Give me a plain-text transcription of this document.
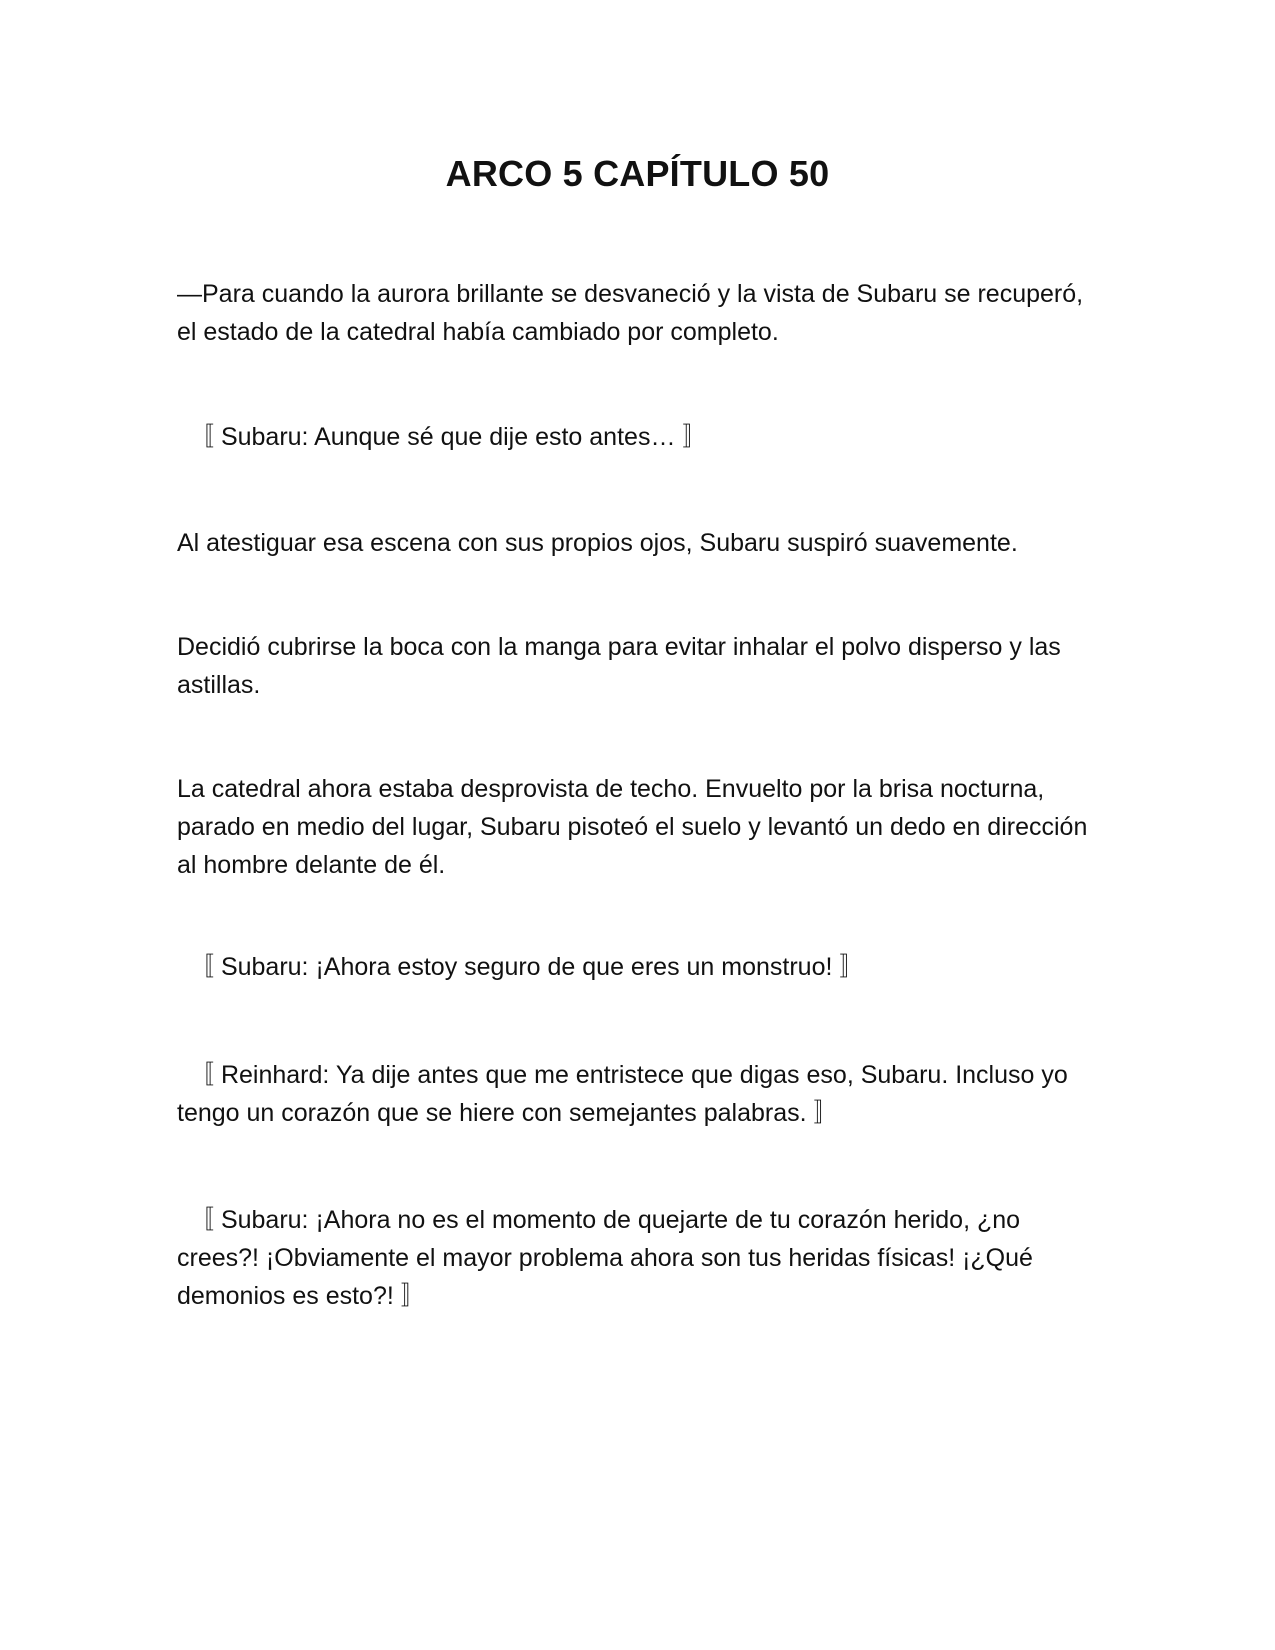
ARCO 5 CAPÍTULO 50

—Para cuando la aurora brillante se desvaneció y la vista de Subaru se recuperó, el estado de la catedral había cambiado por completo.

〚 Subaru: Aunque sé que dije esto antes… 〛

Al atestiguar esa escena con sus propios ojos, Subaru suspiró suavemente.

Decidió cubrirse la boca con la manga para evitar inhalar el polvo disperso y las astillas.

La catedral ahora estaba desprovista de techo. Envuelto por la brisa nocturna, parado en medio del lugar, Subaru pisoteó el suelo y levantó un dedo en dirección al hombre delante de él.

〚 Subaru: ¡Ahora estoy seguro de que eres un monstruo! 〛

〚 Reinhard: Ya dije antes que me entristece que digas eso, Subaru. Incluso yo tengo un corazón que se hiere con semejantes palabras. 〛

〚 Subaru: ¡Ahora no es el momento de quejarte de tu corazón herido, ¿no crees?! ¡Obviamente el mayor problema ahora son tus heridas físicas! ¡¿Qué demonios es esto?! 〛
